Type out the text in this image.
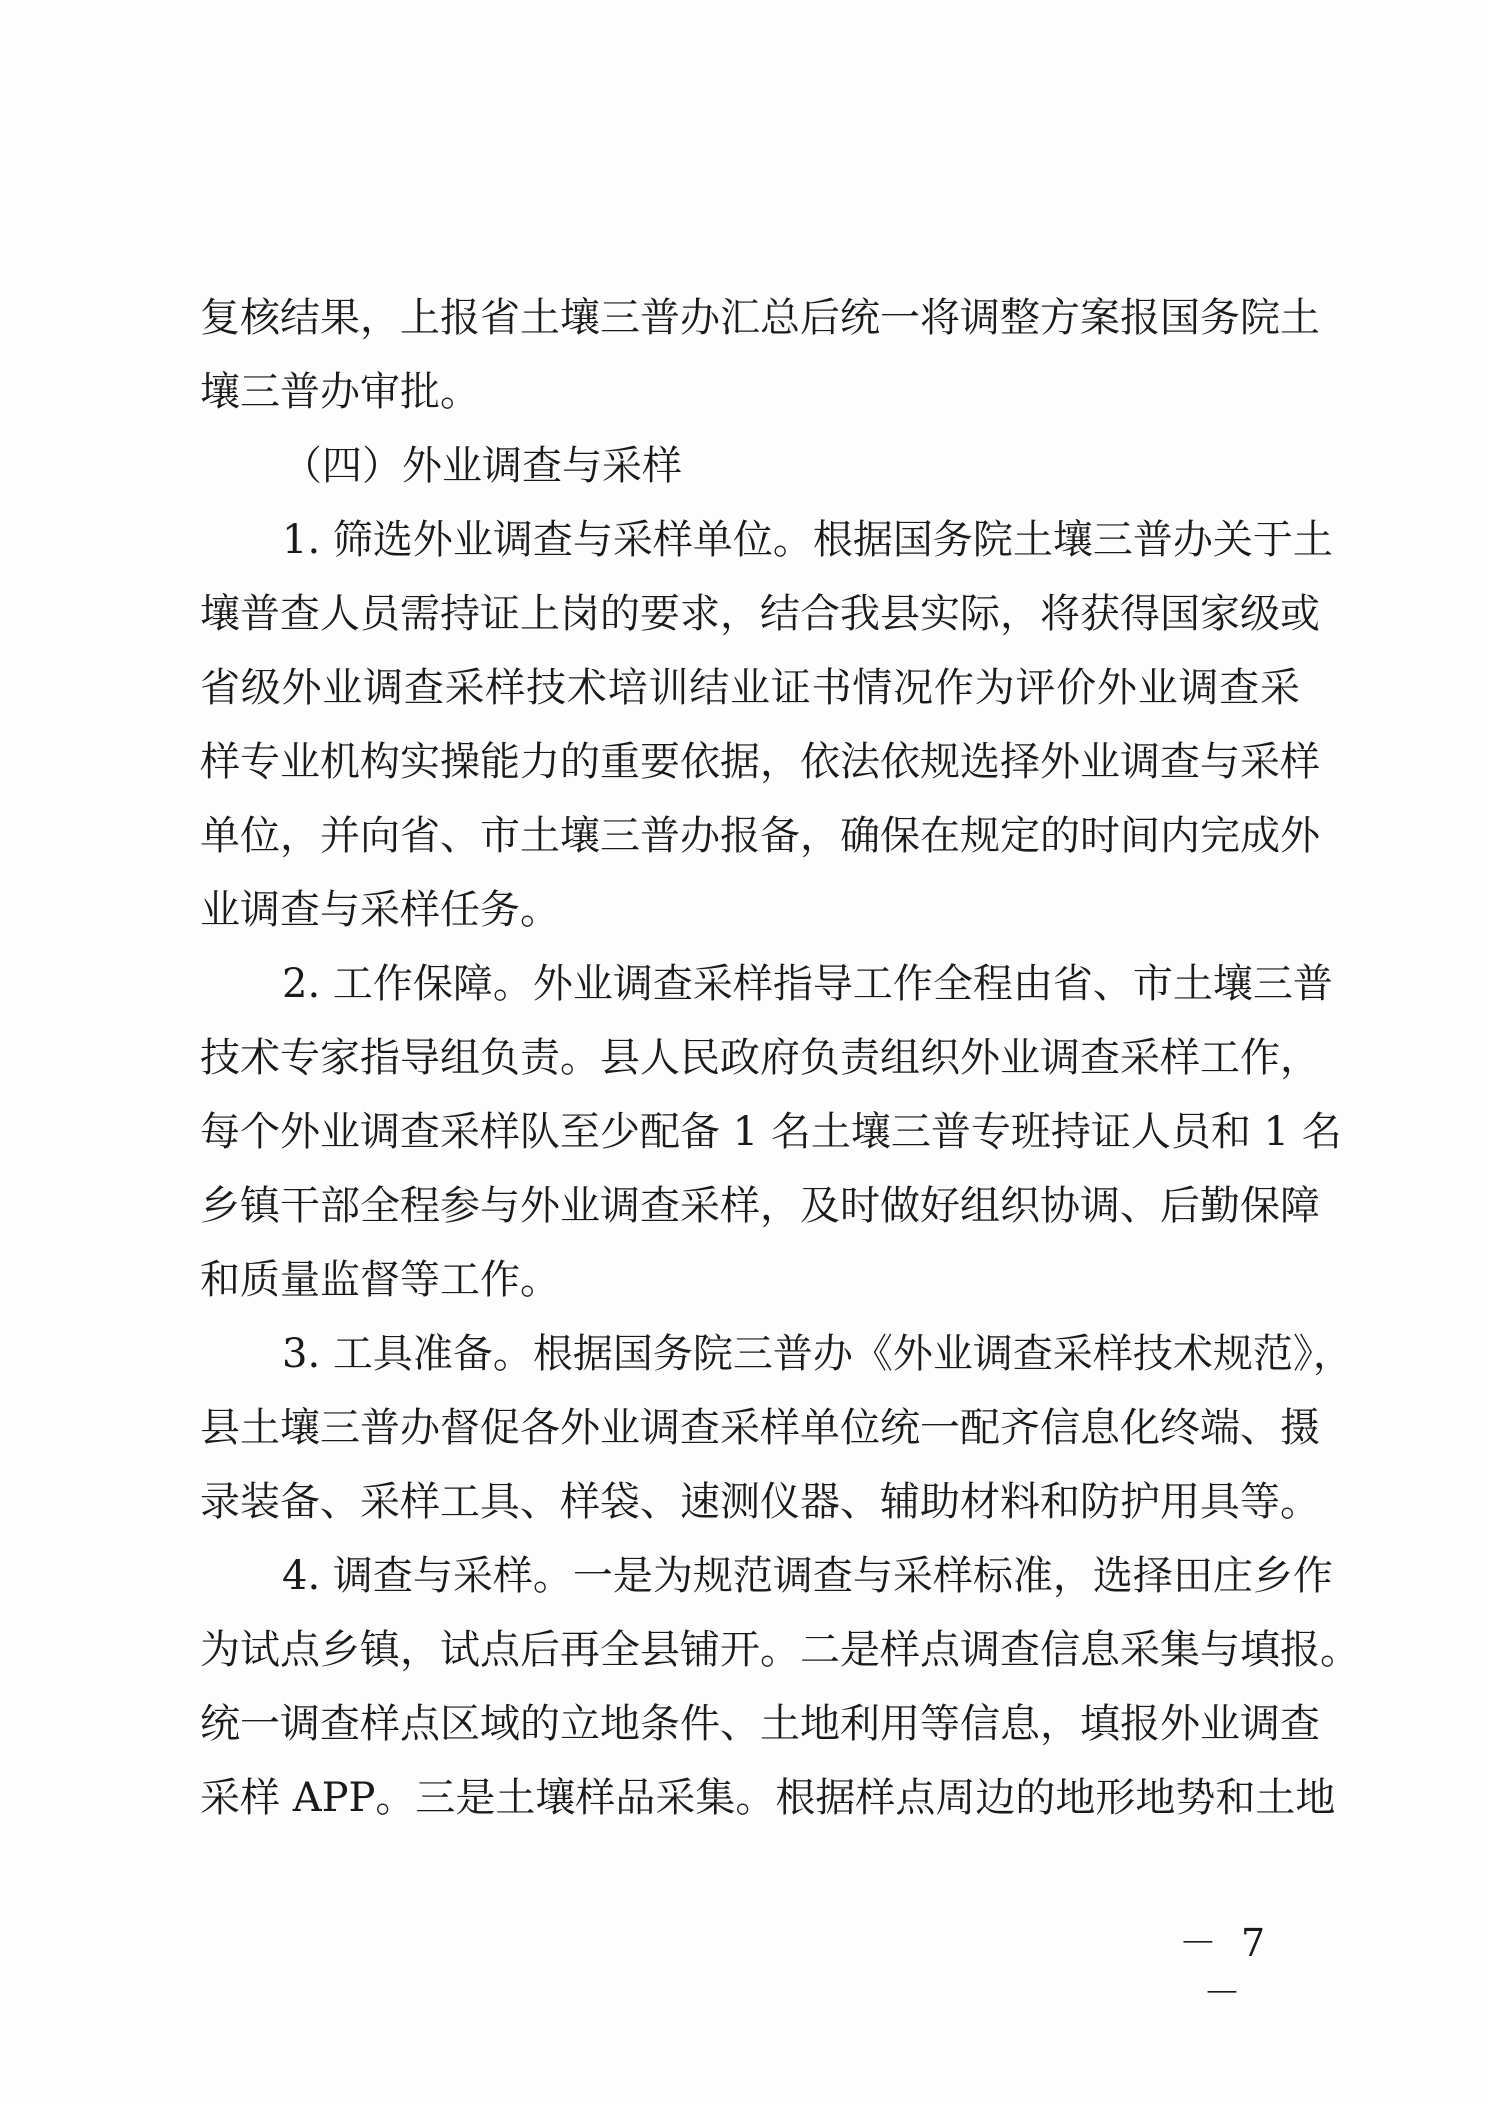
复核结果，上报省土壤三普办汇总后统一将调整方案报国务院土
壤三普办审批。
（四）外业调查与采样
1. 筛选外业调查与采样单位。根据国务院土壤三普办关于土
壤普查人员需持证上岗的要求，结合我县实际，将获得国家级或
省级外业调查采样技术培训结业证书情况作为评价外业调查采
样专业机构实操能力的重要依据，依法依规选择外业调查与采样
单位，并向省、市土壤三普办报备，确保在规定的时间内完成外
业调查与采样任务。
2. 工作保障。外业调查采样指导工作全程由省、市土壤三普
技术专家指导组负责。县人民政府负责组织外业调查采样工作，
每个外业调查采样队至少配备 1 名土壤三普专班持证人员和 1 名
乡镇干部全程参与外业调查采样，及时做好组织协调、后勤保障
和质量监督等工作。
3. 工具准备。根据国务院三普办《外业调查采样技术规范》，
县土壤三普办督促各外业调查采样单位统一配齐信息化终端、摄
录装备、采样工具、样袋、速测仪器、辅助材料和防护用具等。
4. 调查与采样。一是为规范调查与采样标准，选择田庄乡作
为试点乡镇，试点后再全县铺开。二是样点调查信息采集与填报。
统一调查样点区域的立地条件、土地利用等信息，填报外业调查
采样 APP。三是土壤样品采集。根据样点周边的地形地势和土地
－ 7 －
